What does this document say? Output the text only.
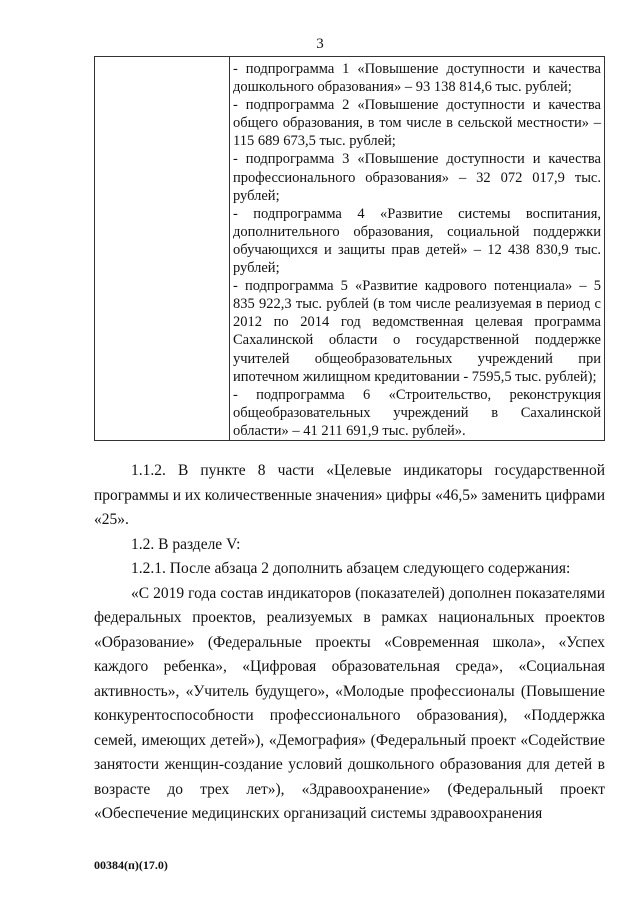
3

- подпрограмма 1 «Повышение доступности и качества дошкольного образования» – 93 138 814,6 тыс. рублей;

- подпрограмма 2 «Повышение доступности и качества общего образования, в том числе в сельской местности» – 115 689 673,5 тыс. рублей;

- подпрограмма 3 «Повышение доступности и качества профессионального образования» – 32 072 017,9 тыс. рублей;

- подпрограмма 4 «Развитие системы воспитания, дополнительного образования, социальной поддержки обучающихся и защиты прав детей» – 12 438 830,9 тыс. рублей;

- подпрограмма 5 «Развитие кадрового потенциала» – 5 835 922,3 тыс. рублей (в том числе реализуемая в период с 2012 по 2014 год ведомственная целевая программа Сахалинской области о государственной поддержке учителей общеобразовательных учреждений при ипотечном жилищном кредитовании - 7595,5 тыс. рублей);

- подпрограмма 6 «Строительство, реконструкция общеобразовательных учреждений в Сахалинской области» – 41 211 691,9 тыс. рублей».

1.1.2. В пункте 8 части «Целевые индикаторы государственной программы и их количественные значения» цифры «46,5» заменить цифрами «25».

1.2. В разделе V:

1.2.1. После абзаца 2 дополнить абзацем следующего содержания:

«С 2019 года состав индикаторов (показателей) дополнен показателями федеральных проектов, реализуемых в рамках национальных проектов «Образование» (Федеральные проекты «Современная школа», «Успех каждого ребенка», «Цифровая образовательная среда», «Социальная активность», «Учитель будущего», «Молодые профессионалы (Повышение конкурентоспособности профессионального образования), «Поддержка семей, имеющих детей»), «Демография» (Федеральный проект «Содействие занятости женщин-создание условий дошкольного образования для детей в возрасте до трех лет»), «Здравоохранение» (Федеральный проект «Обеспечение медицинских организаций системы здравоохранения

00384(п)(17.0)
